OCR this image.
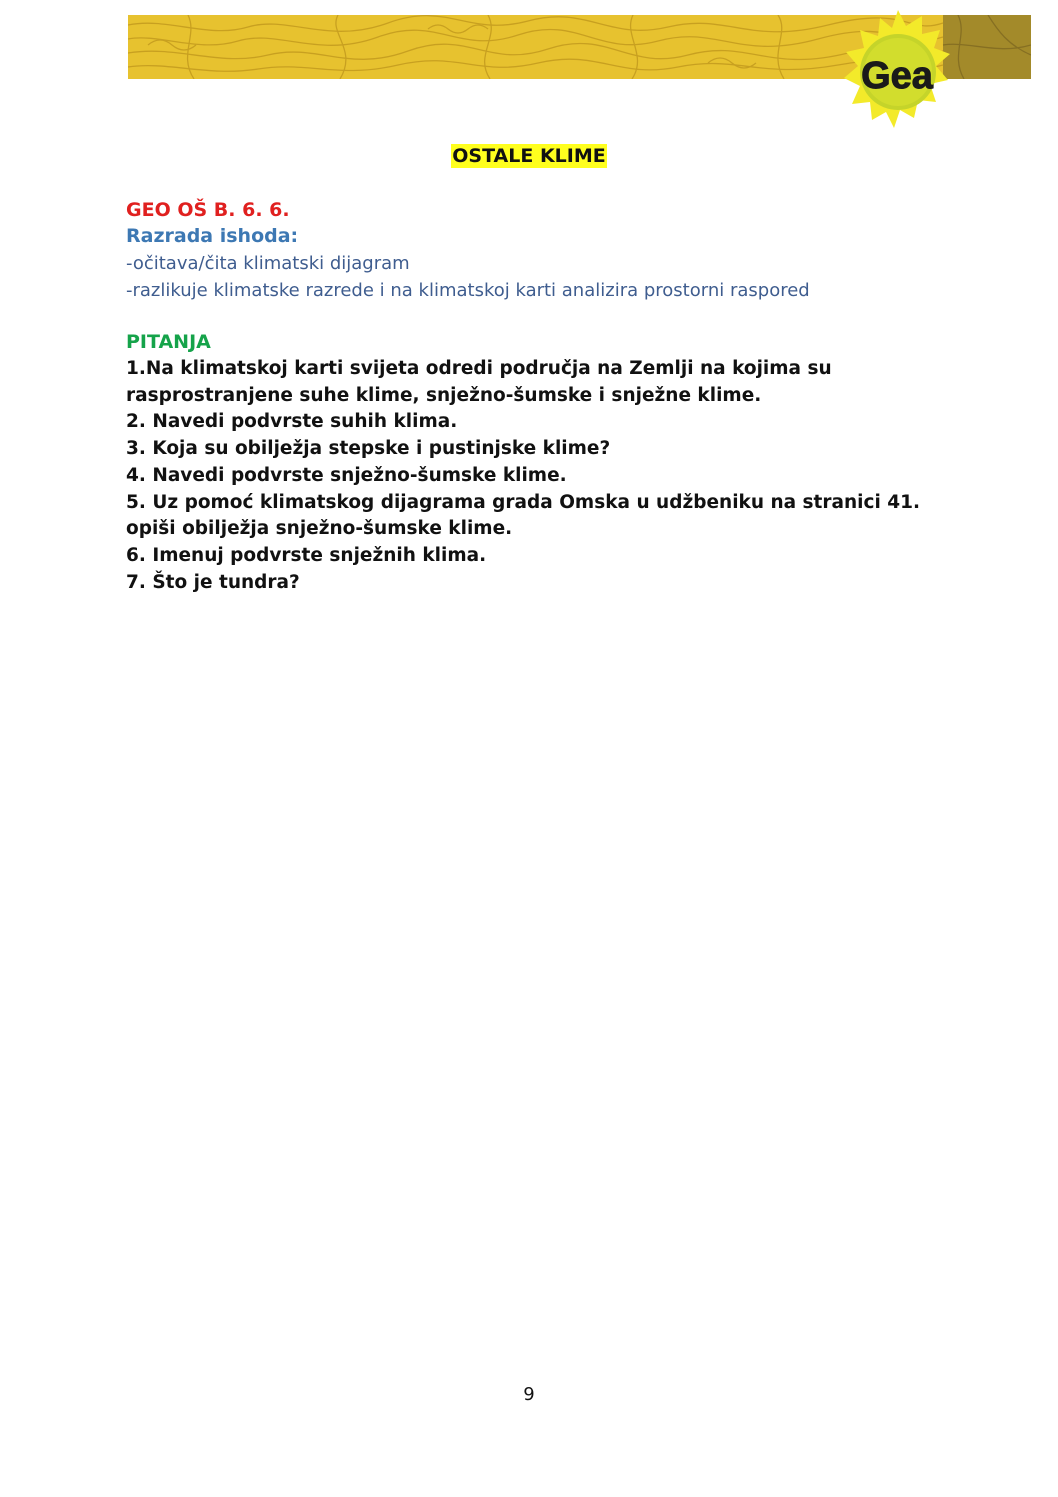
Gea
OSTALE KLIME

GEO OŠ B. 6. 6.

Razrada ishoda:

-očitava/čita klimatski dijagram

-razlikuje klimatske razrede i na klimatskoj karti analizira prostorni raspored

PITANJA

1.Na klimatskoj karti svijeta odredi područja na Zemlji na kojima su rasprostranjene suhe klime, snježno-šumske i snježne klime.
2. Navedi podvrste suhih klima.
3. Koja su obilježja stepske i pustinjske klime?
4. Navedi podvrste snježno-šumske klime.
5. Uz pomoć klimatskog dijagrama grada Omska u udžbeniku na stranici 41. opiši obilježja snježno-šumske klime.
6. Imenuj podvrste snježnih klima.
7. Što je tundra?
9
